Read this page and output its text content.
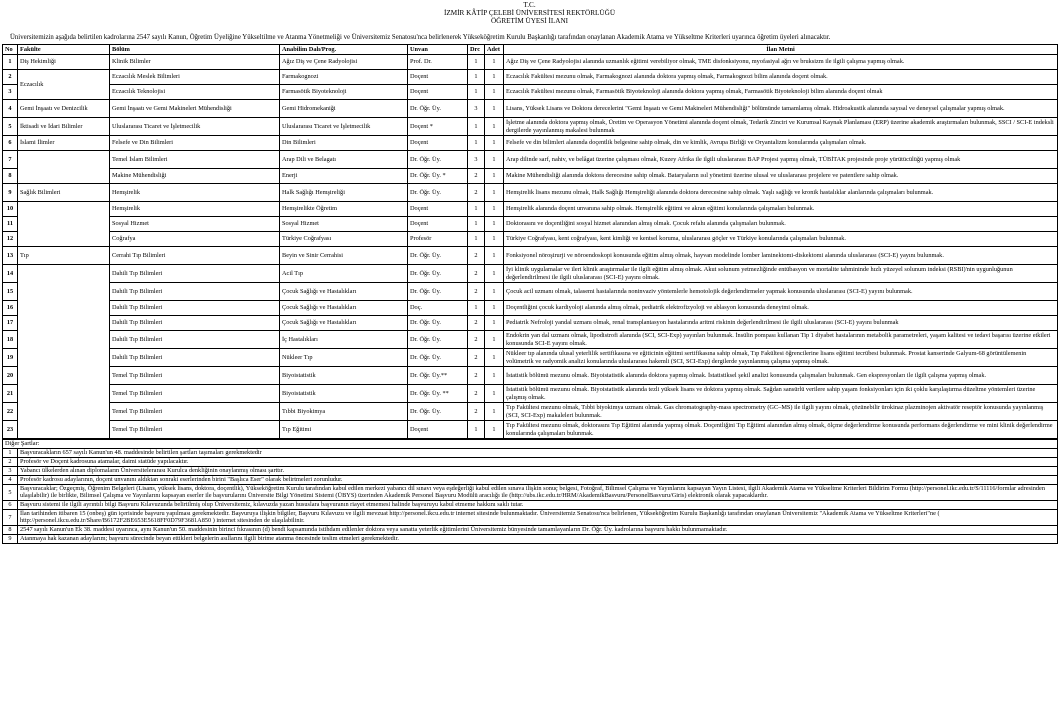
T.C.
İZMİR KÂTİP ÇELEBİ ÜNİVERSİTESİ REKTÖRLÜĞÜ
ÖĞRETİM ÜYESİ İLANI
Üniversitemizin aşağıda belirtilen kadrolarına 2547 sayılı Kanun, Öğretim Üyeliğine Yükseltilme ve Atanma Yönetmeliği ve Üniversitemiz Senatosu'nca belirlenerek Yükseköğretim Kurulu Başkanlığı tarafından onaylanan Akademik Atama ve Yükseltme Kriterleri uyarınca öğretim üyeleri alınacaktır.
No	Fakülte	Bölüm	Anabilim Dalı/Prog.	Unvan	Drc	Adet	İlan Metni
1	Diş Hekimliği	Klinik Bilimler	Ağız Diş ve Çene Radyolojisi	Prof. Dr.	1	1	Ağız Diş ve Çene Radyolojisi alanında uzmanlık eğitimi verebiliyor olmak, TME disfonksiyonu, myofasiyal ağrı ve bruksizm ile ilgili çalışma yapmış olmak.
2	Eczacılık	Eczacılık Meslek Bilimleri	Farmakognozi	Doçent	1	1	Eczacılık Fakültesi mezunu olmak, Farmakognozi alanında doktora yapmış olmak, Farmakognozi bilim alanında doçent olmak.
3		Eczacılık Teknolojisi	Farmasötik Biyoteknoloji	Doçent	1	1	Eczacılık Fakültesi mezunu olmak, Farmasötik Biyoteknoloji alanında doktora yapmış olmak, Farmasötik Biyoteknoloji bilim alanında doçent olmak
4	Gemi İnşaatı ve Denizcilik	Gemi İnşaatı ve Gemi Makineleri Mühendisliği	Gemi Hidromekaniği	Dr. Öğr. Üy.	3	1	Lisans, Yüksek Lisans ve Doktora derecelerini "Gemi İnşaatı ve Gemi Makineleri Mühendisliği" bölümünde tamamlamış olmak. Hidroakustik alanında sayısal ve deneysel çalışmalar yapmış olmak.
5	İktisadi ve İdari Bilimler	Uluslararası Ticaret ve İşletmecilik	Uluslararası Ticaret ve İşletmecilik	Doçent *	1	1	İşletme alanında doktora yapmış olmak, Üretim ve Operasyon Yönetimi alanında doçent olmak, Tedarik Zinciri ve Kurumsal Kaynak Planlaması (ERP) üzerine akademik araştırmaları bulunmak, SSCI / SCI-E indeksli dergilerde yayınlanmış makalesi bulunmak
6	İslami İlimler	Felsefe ve Din Bilimleri	Din Bilimleri	Doçent	1	1	Felsefe ve din bilimleri alanında doçentlik belgesine sahip olmak, din ve kimlik, Avrupa Birliği ve Oryantalizm konularında çalışmaları olmak.
7		Temel İslam Bilimleri	Arap Dili ve Belagatı	Dr. Öğr. Üy.	3	1	Arap dilinde sarf, nahiv, ve belâgat üzerine çalışması olmak, Kuzey Afrika ile ilgili uluslararası BAP Projesi yapmış olmak, TÜBİTAK projesinde proje yürütücülüğü yapmış olmak
8		Makine Mühendisliği	Enerji	Dr. Öğr. Üy. *	2	1	Makine Mühendisliği alanında doktora derecesine sahip olmak. Bataryaların ısıl yönetimi üzerine ulusal ve uluslararası projelere ve patentlere sahip olmak.
9	Sağlık Bilimleri	Hemşirelik	Halk Sağlığı Hemşireliği	Dr. Öğr. Üy.	2	1	Hemşirelik lisans mezunu olmak, Halk Sağlığı Hemşireliği alanında doktora derecesine sahip olmak. Yaşlı sağlığı ve kronik hastalıklar alanlarında çalışmaları bulunmak.
10		Hemşirelik	Hemşirelikte Öğretim	Doçent	1	1	Hemşirelik alanında doçent unvanına sahip olmak. Hemşirelik eğitimi ve akran eğitimi konularında çalışmaları bulunmak.
11		Sosyal Hizmet	Sosyal Hizmet	Doçent	1	1	Doktorasını ve doçentliğini sosyal hizmet alanından almış olmak. Çocuk refahı alanında çalışmaları bulunmak.
12		Coğrafya	Türkiye Coğrafyası	Profesör	1	1	Türkiye Coğrafyası, kent coğrafyası, kent kimliği ve kentsel koruma, uluslararası göçler ve Türkiye konularında çalışmaları bulunmak.
13	Tıp	Cerrahi Tıp Bilimleri	Beyin ve Sinir Cerrahisi	Dr. Öğr. Üy.	2	1	Fonksiyonel nöroşirurji ve nöroendoskopi konusunda eğitim almış olmak, hayvan modelinde lomber laminektomi-diskektomi alanında uluslararası (SCI-E) yayını bulunmak.
14		Dahili Tıp Bilimleri	Acil Tıp	Dr. Öğr. Üy.	2	1	İyi klinik uygulamalar ve ileri klinik araştırmalar ile ilgili eğitim almış olmak. Akut solunum yetmezliğinde entübasyon ve mortalite tahmininde hızlı yüzeyel solunum indeksi (RSBI)'nin uygunluğunun değerlendirilmesi ile ilgili uluslararası (SCI-E) yayını olmak.
15		Dahili Tıp Bilimleri	Çocuk Sağlığı ve Hastalıkları	Dr. Öğr. Üy.	2	1	Çocuk acil uzmanı olmak, talasemi hastalarında noninvaziv yöntemlerle hemotolojik değerlendirmeler yapmak konusunda uluslararası (SCI-E) yayını bulunmak.
16		Dahili Tıp Bilimleri	Çocuk Sağlığı ve Hastalıkları	Doç.	1	1	Doçentliğini çocuk kardiyoloji alanında almış olmak, pediatrik elektrofizyoloji ve ablasyon konusunda deneyimi olmak.
17		Dahili Tıp Bilimleri	Çocuk Sağlığı ve Hastalıkları	Dr. Öğr. Üy.	2	1	Pediatrik Nefroloji yandal uzmanı olmak, renal transplantasyon hastalarında aritmi riskinin değerlendirilmesi ile ilgili uluslararası (SCI-E) yayını bulunmak
18		Dahili Tıp Bilimleri	İç Hastalıkları	Dr. Öğr. Üy.	2	1	Endokrin yan dal uzmanı olmak, lipodistrofi alanında (SCI, SCI-Exp) yayınları bulunmak. İnsülin pompası kullanan Tip 1 diyabet hastalarının metabolik parametreleri, yaşam kalitesi ve tedavi başarısı üzerine etkileri konusunda SCI-E yayını olmak.
19		Dahili Tıp Bilimleri	Nükleer Tıp	Dr. Öğr. Üy.	2	1	Nükleer tıp alanında ulusal yeterlilik sertifikasına ve eğiticinin eğitimi sertifikasına sahip olmak, Tıp Fakültesi öğrencilerine lisans eğitimi tecrübesi bulunmak. Prostat kanserinde Galyum-68 görüntülemenin volümetrik ve radyomik analizi konularında uluslararası hakemli (SCI, SCI-Exp) dergilerde yayınlanmış çalışma yapmış olmak.
20		Temel Tıp Bilimleri	Biyoistatistik	Dr. Öğr. Üy.**	2	1	İstatistik bölümü mezunu olmak. Biyoistatistik alanında doktora yapmış olmak. İstatistiksel şekil analizi konusunda çalışmaları bulunmak. Gen ekspresyonları ile ilgili çalışma yapmış olmak.
21		Temel Tıp Bilimleri	Biyoistatistik	Dr. Öğr. Üy. **	2	1	İstatistik bölümü mezunu olmak. Biyoistatistik alanında tezli yüksek lisans ve doktora yapmış olmak. Sağdan sansürlü verilere sahip yaşam fonksiyonları için iki çoklu karşılaştırma düzeltme yöntemleri üzerine çalışmış olmak.
22		Temel Tıp Bilimleri	Tıbbi Biyokimya	Dr. Öğr. Üy.	2	1	Tıp Fakültesi mezunu olmak, Tıbbi biyokimya uzmanı olmak. Gas chromatography-mass spectrometry (GC–MS) ile ilgili yayını olmak, çözünebilir ürokinaz plazminojen aktivatör reseptör konusunda yayınlanmış (SCI, SCI-Exp) makaleleri bulunmak.
23		Temel Tıp Bilimleri	Tıp Eğitimi	Doçent	1	1	Tıp Fakültesi mezunu olmak, doktorasını Tıp Eğitimi alanında yapmış olmak. Doçentliğini Tıp Eğitimi alanından almış olmak, ölçme değerlendirme konusunda performans değerlendirme ve mini klinik değerlendirme konularında çalışmaları bulunmak.
Diğer Şartlar:	
1	Başvuracakların 657 sayılı Kanun'un 48. maddesinde belirtilen şartları taşımaları gerekmektedir
2	Profesör ve Doçent kadrosuna atamalar, daimi statüde yapılacaktır.
3	Yabancı ülkelerden alınan diplomaların Üniversitelerarası Kurulca denkliğinin onaylanmış olması şarttır.
4	Profesör kadrosu adaylarının, doçent unvanını aldıktan sonraki eserlerinden birini "Başlıca Eser" olarak belirtmeleri zorunludur.
5	Başvuracaklar; Özgeçmiş, Öğrenim Belgeleri (Lisans, yüksek lisans, doktora, doçentlik), Yükseköğretim Kurulu tarafından kabul edilen merkezi yabancı dil sınavı veya eşdeğerliği kabul edilen sınava ilişkin sonuç belgesi, Fotoğraf, Bilimsel Çalışma ve Yayınlarını kapsayan Yayın Listesi, ilgili Akademik Atama ve Yükseltme Kriterleri Bildirim Formu (http://personel.ikc.edu.tr/S/11116/formlar adresinden ulaşılabilir) ile birlikte, Bilimsel Çalışma ve Yayınlarını kapsayan eserler ile başvurularını Üniversite Bilgi Yönetimi Sistemi (ÜBYS) üzerinden Akademik Personel Başvuru Modülü aracılığı ile (http://ubs.ikc.edu.tr/HRM/AkademikBasvuru/PersonelBasvuru/Giris) elektronik olarak yapacaklardır.
6	Başvuru sistemi ile ilgili ayrıntılı bilgi Başvuru Kılavuzunda belirtilmiş olup Üniversitemiz, kılavuzda yazan hususlara başvuranın riayet etmemesi halinde başvuruyu kabul etmeme hakkını saklı tutar.
7	İlan tarihinden itibaren 15 (onbeş) gün içerisinde başvuru yapılması gerekmektedir. Başvuruya ilişkin bilgiler, Başvuru Kılavuzu ve ilgili mevzuat http://personel.ikcu.edu.tr internet sitesinde bulunmaktadır. Üniversitemiz Senatosu'nca belirlenen, Yükseköğretim Kurulu Başkanlığı tarafından onaylanan Üniversitemiz "Akademik Atama ve Yükseltme Kriterleri"ne ( http://personel.ikcu.edu.tr/Share/B6172F2BE653E5618FF0D79F3681A850 ) internet sitesinden de ulaşılabilinir.
8	2547 sayılı Kanun'un Ek 38. maddesi uyarınca, aynı Kanun'un 50. maddesinin birinci fıkrasının (d) bendi kapsamında istihdam edilenler doktora veya sanatta yeterlik eğitimlerini Üniversitemiz bünyesinde tamamlayanların Dr. Öğr. Üy. kadrolarına başvuru hakkı bulunmamaktadır.
9	Atanmaya hak kazanan adaylarım; başvuru sürecinde beyan ettikleri belgelerin asıllarını ilgili birime atanma öncesinde teslim etmeleri gerekmektedir.
